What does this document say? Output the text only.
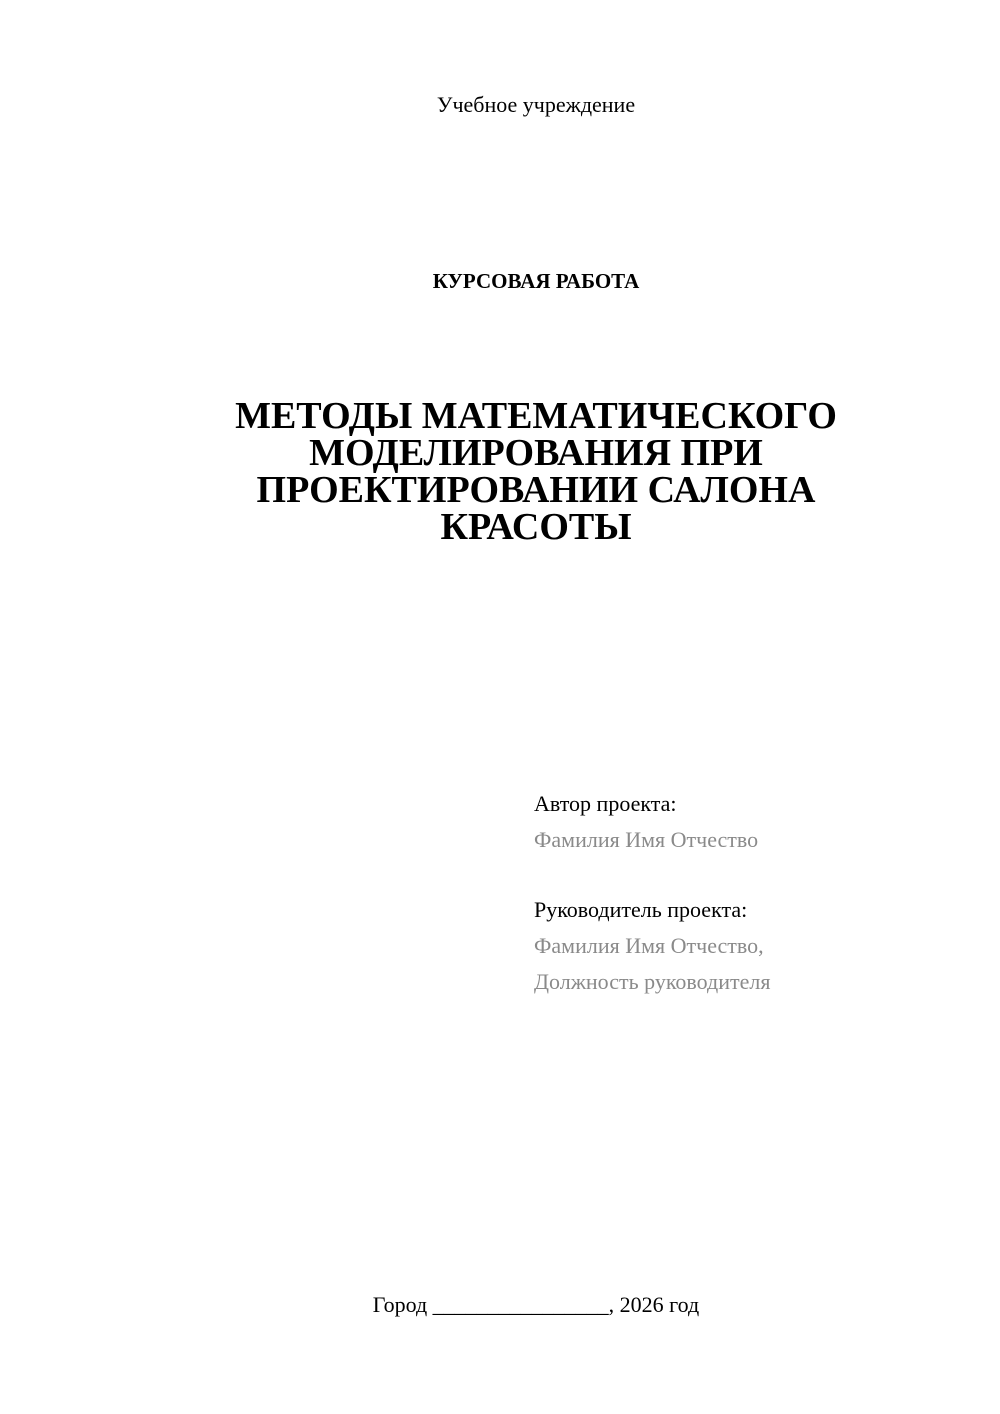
Учебное учреждение
КУРСОВАЯ РАБОТА
МЕТОДЫ МАТЕМАТИЧЕСКОГО
МОДЕЛИРОВАНИЯ ПРИ
ПРОЕКТИРОВАНИИ САЛОНА
КРАСОТЫ
Автор проекта:
Фамилия Имя Отчество
Руководитель проекта:
Фамилия Имя Отчество,
Должность руководителя
Город ________________, 2026 год
